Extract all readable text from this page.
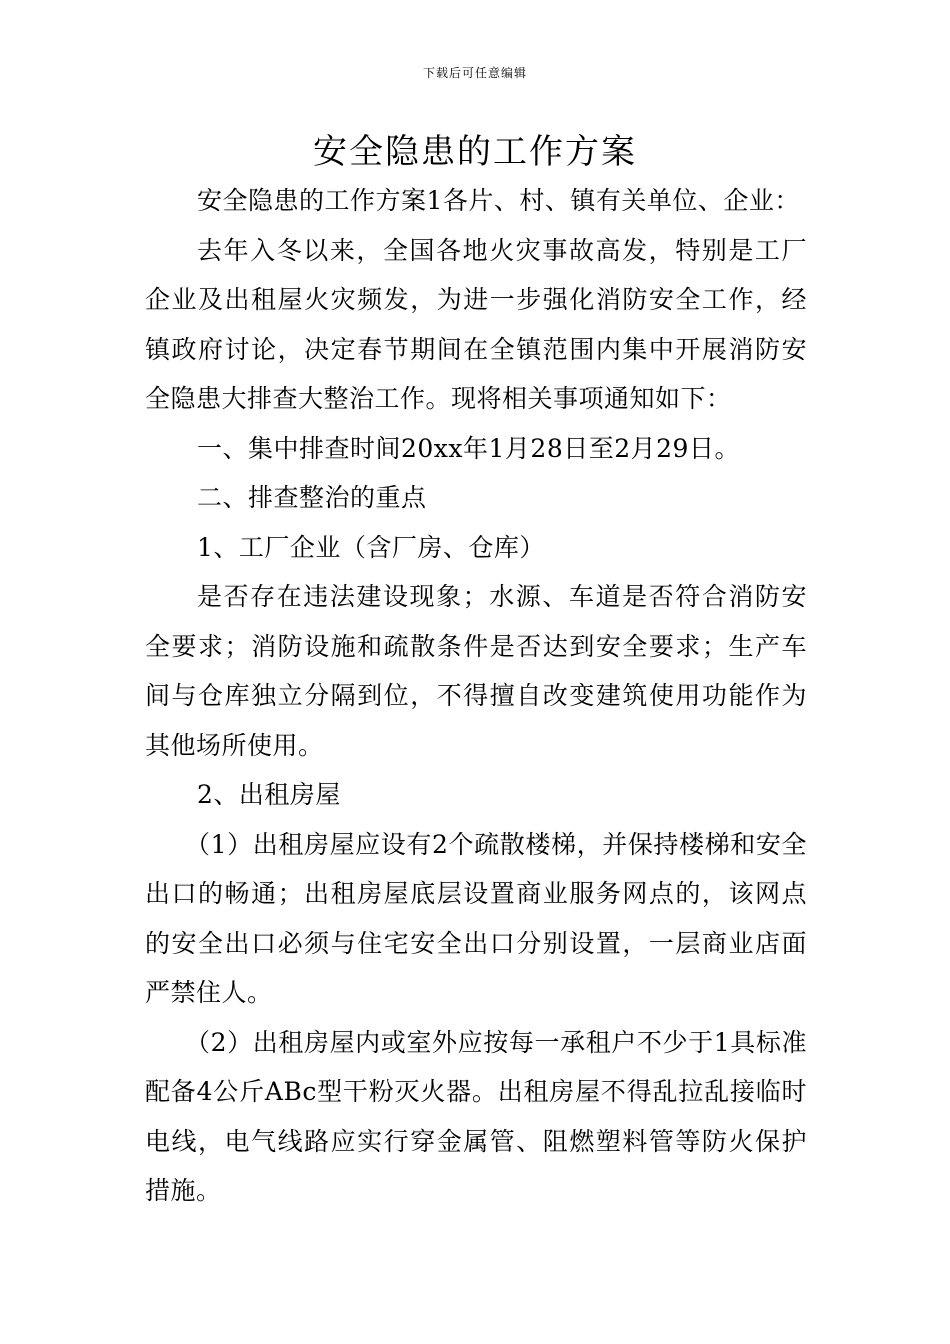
下载后可任意编辑
安全隐患的工作方案

安全隐患的工作方案1各片、村、镇有关单位、企业：

去年入冬以来，全国各地火灾事故高发，特别是工厂企业及出租屋火灾频发，为进一步强化消防安全工作，经镇政府讨论，决定春节期间在全镇范围内集中开展消防安全隐患大排查大整治工作。现将相关事项通知如下：

一、集中排查时间20xx年1月28日至2月29日。

二、排查整治的重点

1、工厂企业（含厂房、仓库）

是否存在违法建设现象；水源、车道是否符合消防安全要求；消防设施和疏散条件是否达到安全要求；生产车间与仓库独立分隔到位，不得擅自改变建筑使用功能作为其他场所使用。

2、出租房屋

（1）出租房屋应设有2个疏散楼梯，并保持楼梯和安全出口的畅通；出租房屋底层设置商业服务网点的，该网点的安全出口必须与住宅安全出口分别设置，一层商业店面严禁住人。

（2）出租房屋内或室外应按每一承租户不少于1具标准配备4公斤ABc型干粉灭火器。出租房屋不得乱拉乱接临时电线，电气线路应实行穿金属管、阻燃塑料管等防火保护措施。
